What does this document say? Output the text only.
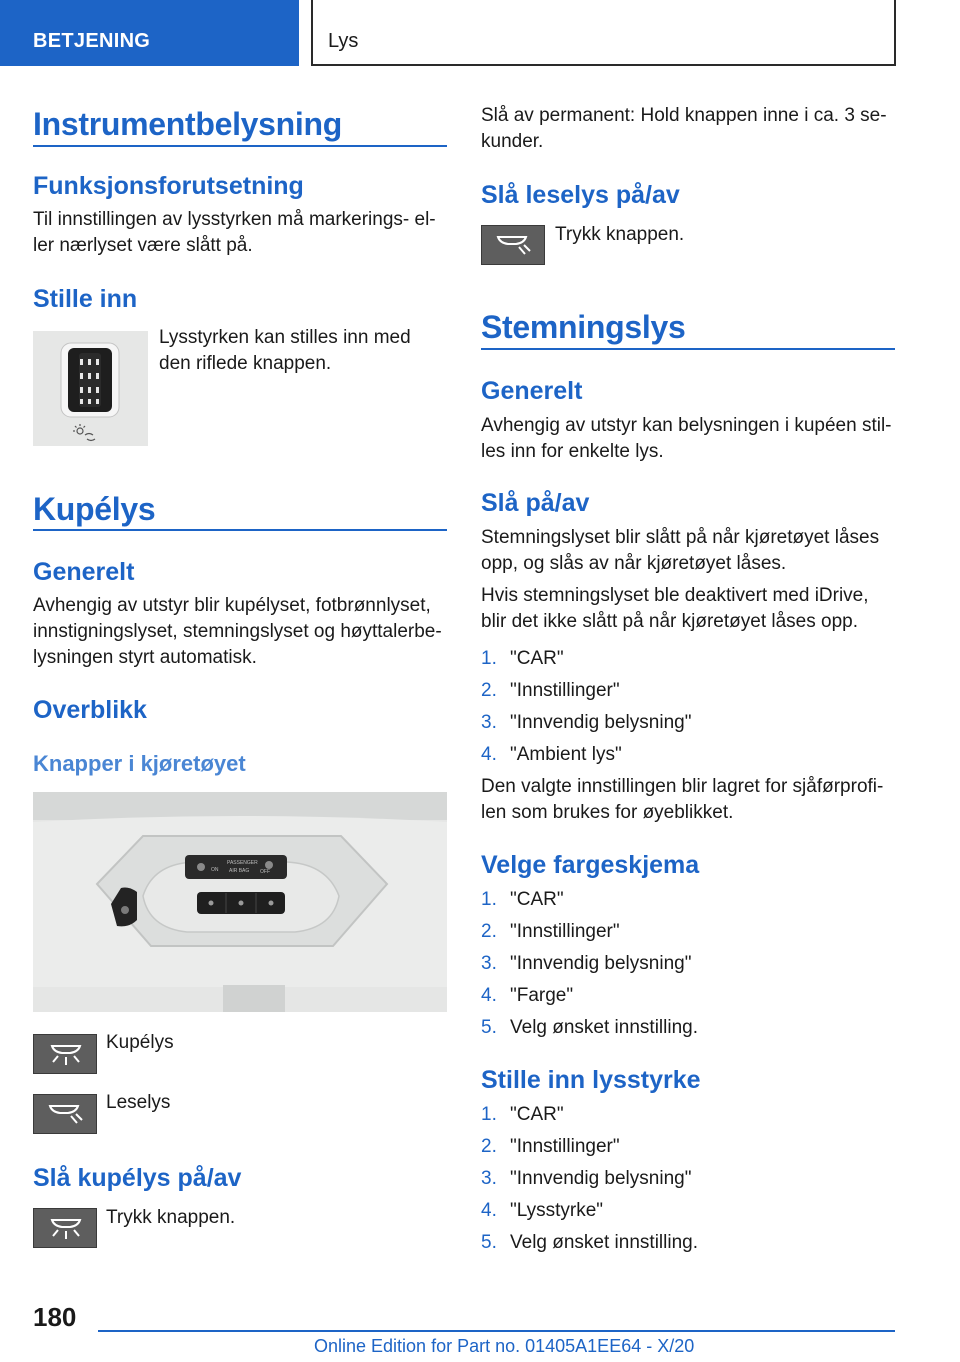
BETJENING	Lys
Instrumentbelysning
Funksjonsforutsetning
Til innstillingen av lysstyrken må markerings- el-
ler nærlyset være slått på.
Stille inn
Lysstyrken kan stilles inn med
den riflede knappen.
Kupélys
Generelt
Avhengig av utstyr blir kupélyset, fotbrønnlyset,
innstigningslyset, stemningslyset og høyttalerbe-
lysningen styrt automatisk.
Overblikk
Knapper i kjøretøyet
ON
PASSENGER
AIR BAG OFF
Kupélys
Leselys
Slå kupélys på/av
Trykk knappen.
Slå av permanent: Hold knappen inne i ca. 3 se-
kunder.
Slå leselys på/av
Trykk knappen.
Stemningslys
Generelt
Avhengig av utstyr kan belysningen i kupéen stil-
les inn for enkelte lys.
Slå på/av
Stemningslyset blir slått på når kjøretøyet låses
opp, og slås av når kjøretøyet låses.
Hvis stemningslyset ble deaktivert med iDrive,
blir det ikke slått på når kjøretøyet låses opp.
1. "CAR"
2. "Innstillinger"
3. "Innvendig belysning"
4. "Ambient lys"
Den valgte innstillingen blir lagret for sjåførprofi-
len som brukes for øyeblikket.
Velge fargeskjema
1. "CAR"
2. "Innstillinger"
3. "Innvendig belysning"
4. "Farge"
5. Velg ønsket innstilling.
Stille inn lysstyrke
1. "CAR"
2. "Innstillinger"
3. "Innvendig belysning"
4. "Lysstyrke"
5. Velg ønsket innstilling.
180
Online Edition for Part no. 01405A1EE64 - X/20
